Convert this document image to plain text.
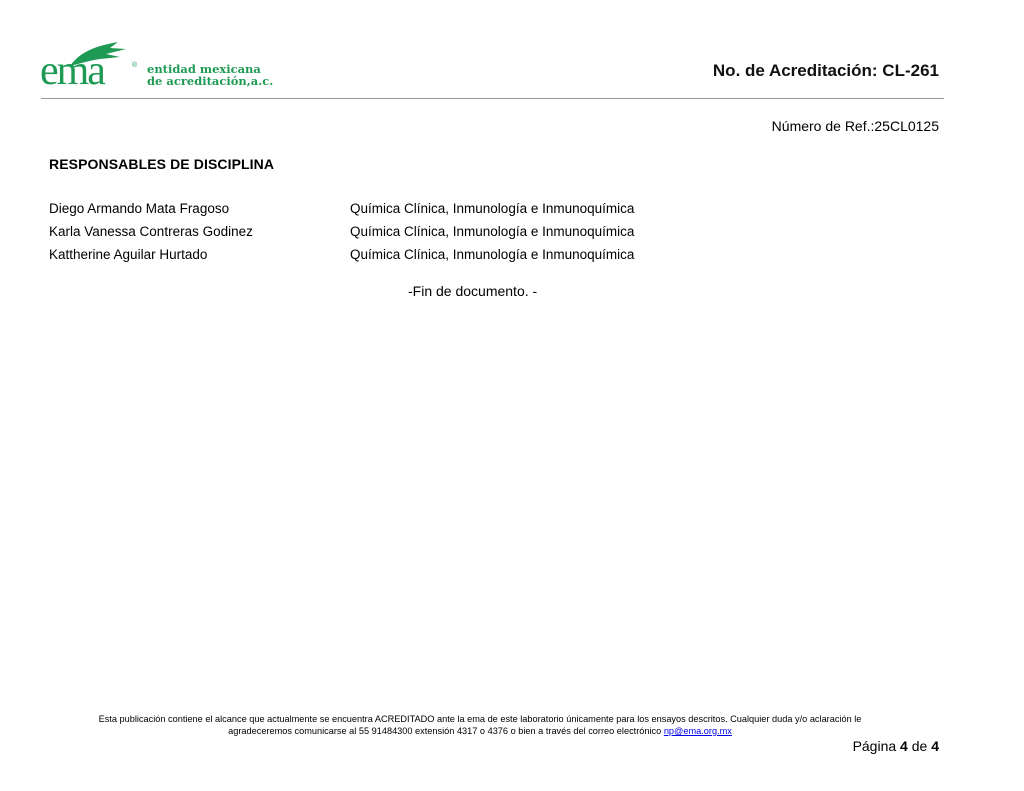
ema	® entidad mexicana
de acreditación,a.c.
No. de Acreditación: CL-261
Número de Ref.:25CL0125
RESPONSABLES DE DISCIPLINA
Diego Armando Mata Fragoso	Química Clínica, Inmunología e Inmunoquímica
Karla Vanessa Contreras Godinez	Química Clínica, Inmunología e Inmunoquímica
Kattherine Aguilar Hurtado	Química Clínica, Inmunología e Inmunoquímica
-Fin de documento. -
Esta publicación contiene el alcance que actualmente se encuentra ACREDITADO ante la ema de este laboratorio únicamente para los ensayos descritos. Cualquier duda y/o aclaración le
agradeceremos comunicarse al 55 91484300 extensión 4317 o 4376 o bien a través del correo electrónico np@ema.org.mx
Página 4 de 4
